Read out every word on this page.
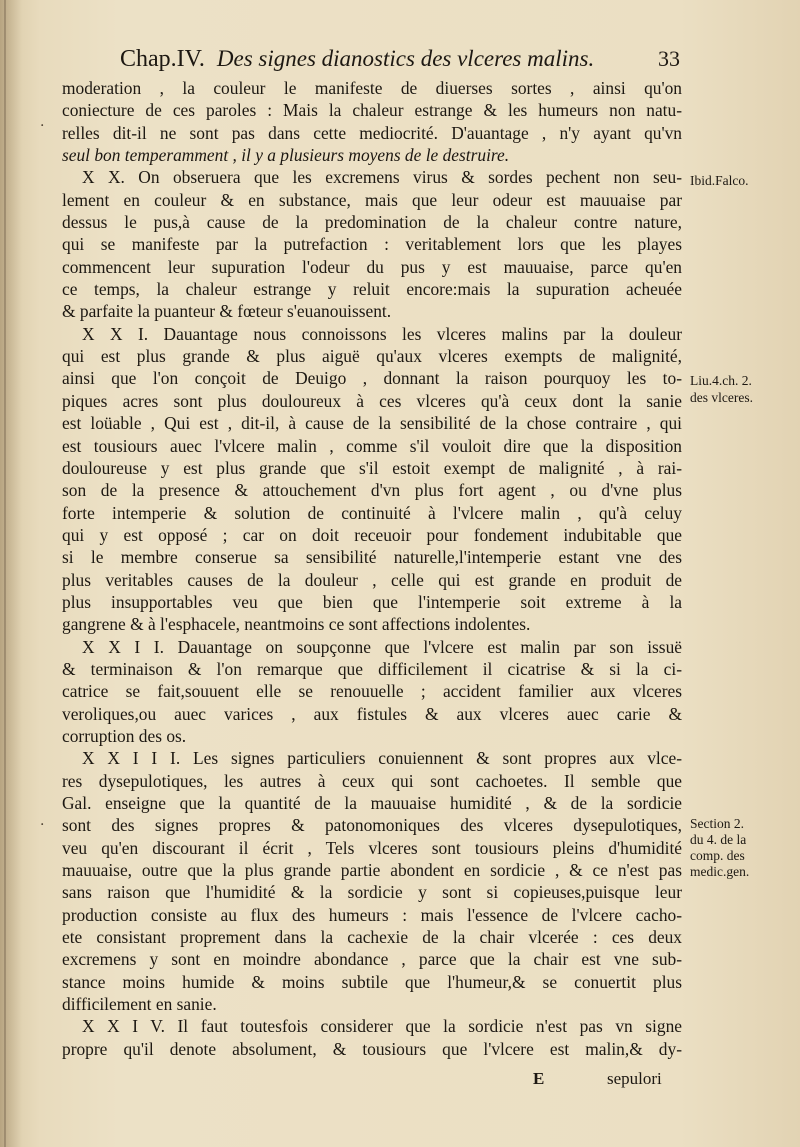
Chap.IV. Des signes dianostics des vlceres malins.	33
moderation , la couleur le manifeste de diuerses sortes , ainsi qu'on
coniecture de ces paroles : Mais la chaleur estrange & les humeurs non natu-
relles dit-il ne sont pas dans cette mediocrité. D'auantage , n'y ayant qu'vn
seul bon temperamment , il y a plusieurs moyens de le destruire.
X X. On obseruera que les excremens virus & sordes pechent non seu-
lement en couleur & en substance, mais que leur odeur est mauuaise par
dessus le pus,à cause de la predomination de la chaleur contre nature,
qui se manifeste par la putrefaction : veritablement lors que les playes
commencent leur supuration l'odeur du pus y est mauuaise, parce qu'en
ce temps, la chaleur estrange y reluit encore:mais la supuration acheuée
& parfaite la puanteur & fœteur s'euanouissent.
X X I. Dauantage nous connoissons les vlceres malins par la douleur
qui est plus grande & plus aiguë qu'aux vlceres exempts de malignité,
ainsi que l'on conçoit de Deuigo , donnant la raison pourquoy les to-
piques acres sont plus douloureux à ces vlceres qu'à ceux dont la sanie
est loüable , Qui est , dit-il, à cause de la sensibilité de la chose contraire , qui
est tousiours auec l'vlcere malin , comme s'il vouloit dire que la disposition
douloureuse y est plus grande que s'il estoit exempt de malignité , à rai-
son de la presence & attouchement d'vn plus fort agent , ou d'vne plus
forte intemperie & solution de continuité à l'vlcere malin , qu'à celuy
qui y est opposé ; car on doit receuoir pour fondement indubitable que
si le membre conserue sa sensibilité naturelle,l'intemperie estant vne des
plus veritables causes de la douleur , celle qui est grande en produit de
plus insupportables veu que bien que l'intemperie soit extreme à la
gangrene & à l'esphacele, neantmoins ce sont affections indolentes.
X X I I. Dauantage on soupçonne que l'vlcere est malin par son issuë
& terminaison & l'on remarque que difficilement il cicatrise & si la ci-
catrice se fait,souuent elle se renouuelle ; accident familier aux vlceres
veroliques,ou auec varices , aux fistules & aux vlceres auec carie &
corruption des os.
X X I I I. Les signes particuliers conuiennent & sont propres aux vlce-
res dysepulotiques, les autres à ceux qui sont cachoetes. Il semble que
Gal. enseigne que la quantité de la mauuaise humidité , & de la sordicie
sont des signes propres & patonomoniques des vlceres dysepulotiques,
veu qu'en discourant il écrit , Tels vlceres sont tousiours pleins d'humidité
mauuaise, outre que la plus grande partie abondent en sordicie , & ce n'est pas
sans raison que l'humidité & la sordicie y sont si copieuses,puisque leur
production consiste au flux des humeurs : mais l'essence de l'vlcere cacho-
ete consistant proprement dans la cachexie de la chair vlcerée : ces deux
excremens y sont en moindre abondance , parce que la chair est vne sub-
stance moins humide & moins subtile que l'humeur,& se conuertit plus
difficilement en sanie.
X X I V. Il faut toutesfois considerer que la sordicie n'est pas vn signe
propre qu'il denote absolument, & tousiours que l'vlcere est malin,& dy-
Ibid.Falco.
Liu.4.ch. 2.
des vlceres.
Section 2.
du 4. de la
comp. des
medic.gen.
·
·
E	sepulori
